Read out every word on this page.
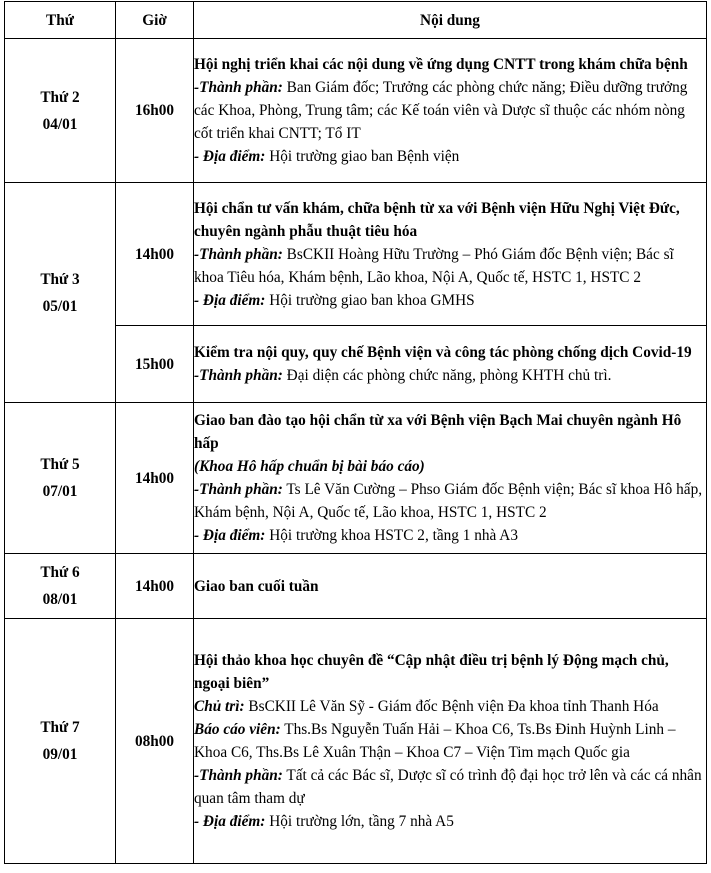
Thứ	Giờ	Nội dung

Thứ 2
04/01	16h00	Hội nghị triển khai các nội dung về ứng dụng CNTT trong khám chữa bệnh
-Thành phần: Ban Giám đốc; Trưởng các phòng chức năng; Điều dưỡng trưởng các Khoa, Phòng, Trung tâm; các Kế toán viên và Dược sĩ thuộc các nhóm nòng cốt triển khai CNTT; Tổ IT
- Địa điểm: Hội trường giao ban Bệnh viện

Thứ 3
05/01	14h00	Hội chẩn tư vấn khám, chữa bệnh từ xa với Bệnh viện Hữu Nghị Việt Đức, chuyên ngành phẫu thuật tiêu hóa
-Thành phần: BsCKII Hoàng Hữu Trường – Phó Giám đốc Bệnh viện; Bác sĩ khoa Tiêu hóa, Khám bệnh, Lão khoa, Nội A, Quốc tế, HSTC 1, HSTC 2
- Địa điểm: Hội trường giao ban khoa GMHS

	15h00	Kiểm tra nội quy, quy chế Bệnh viện và công tác phòng chống dịch Covid-19
-Thành phần: Đại diện các phòng chức năng, phòng KHTH chủ trì.

Thứ 5
07/01	14h00	Giao ban đào tạo hội chẩn từ xa với Bệnh viện Bạch Mai chuyên ngành Hô hấp
(Khoa Hô hấp chuẩn bị bài báo cáo)
-Thành phần: Ts Lê Văn Cường – Phso Giám đốc Bệnh viện; Bác sĩ khoa Hô hấp, Khám bệnh, Nội A, Quốc tế, Lão khoa, HSTC 1, HSTC 2
- Địa điểm: Hội trường khoa HSTC 2, tầng 1 nhà A3

Thứ 6
08/01	14h00	Giao ban cuối tuần

Thứ 7
09/01	08h00	Hội thảo khoa học chuyên đề “Cập nhật điều trị bệnh lý Động mạch chủ, ngoại biên”
Chủ trì: BsCKII Lê Văn Sỹ - Giám đốc Bệnh viện Đa khoa tỉnh Thanh Hóa
Báo cáo viên: Ths.Bs Nguyễn Tuấn Hải – Khoa C6, Ts.Bs Đinh Huỳnh Linh – Khoa C6, Ths.Bs Lê Xuân Thận – Khoa C7 – Viện Tim mạch Quốc gia
-Thành phần: Tất cả các Bác sĩ, Dược sĩ có trình độ đại học trở lên và các cá nhân quan tâm tham dự
- Địa điểm: Hội trường lớn, tầng 7 nhà A5
